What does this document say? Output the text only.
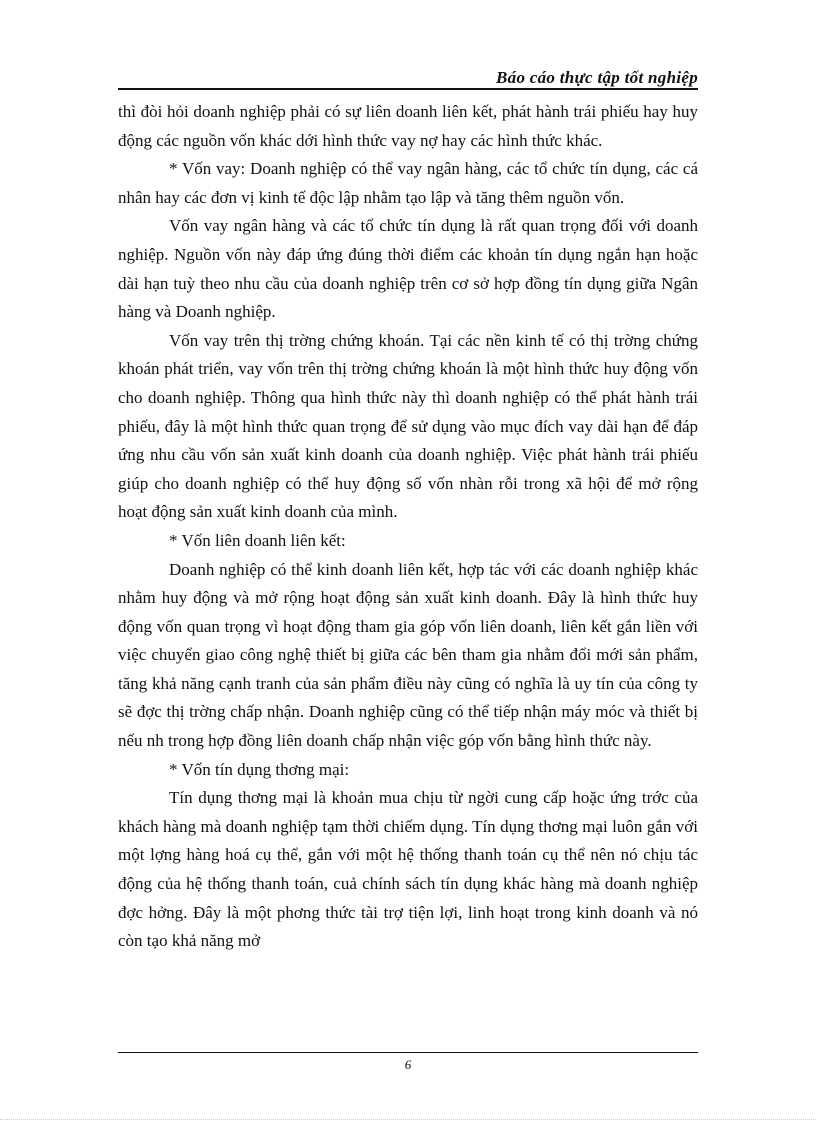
Báo cáo thực tập tốt nghiệp

thì đòi hỏi doanh nghiệp phải có sự liên doanh liên kết, phát hành trái phiếu hay huy động các nguồn vốn khác dới hình thức vay nợ hay các hình thức khác.

* Vốn vay: Doanh nghiệp có thể vay ngân hàng, các tổ chức tín dụng, các cá nhân hay các đơn vị kinh tế độc lập nhằm tạo lập và tăng thêm nguồn vốn.

Vốn vay ngân hàng và các tổ chức tín dụng là rất quan trọng đối với doanh nghiệp. Nguồn vốn này đáp ứng đúng thời điểm các khoản tín dụng ngắn hạn hoặc dài hạn tuỳ theo nhu cầu của doanh nghiệp trên cơ sở hợp đồng tín dụng giữa Ngân hàng và Doanh nghiệp.

Vốn vay trên thị trờng chứng khoán. Tại các nền kinh tế có thị trờng chứng khoán phát triển, vay vốn trên thị trờng chứng khoán là một hình thức huy động vốn cho doanh nghiệp. Thông qua hình thức này thì doanh nghiệp có thể phát hành trái phiếu, đây là một hình thức quan trọng để sử dụng vào mục đích vay dài hạn để đáp ứng nhu cầu vốn sản xuất kinh doanh của doanh nghiệp. Việc phát hành trái phiếu giúp cho doanh nghiệp có thể huy động số vốn nhàn rỗi trong xã hội để mở rộng hoạt động sản xuất kinh doanh của mình.

* Vốn liên doanh liên kết:

Doanh nghiệp có thể kinh doanh liên kết, hợp tác với các doanh nghiệp khác nhằm huy động và mở rộng hoạt động sản xuất kinh doanh. Đây là hình thức huy động vốn quan trọng vì hoạt động tham gia góp vốn liên doanh, liên kết gắn liền với việc chuyển giao công nghệ thiết bị giữa các bên tham gia nhằm đổi mới sản phẩm, tăng khả năng cạnh tranh của sản phẩm điều này cũng có nghĩa là uy tín của công ty sẽ đợc thị trờng chấp nhận. Doanh nghiệp cũng có thể tiếp nhận máy móc và thiết bị nếu nh trong hợp đồng liên doanh chấp nhận việc góp vốn bằng hình thức này.

* Vốn tín dụng thơng mại:

Tín dụng thơng mại là khoản mua chịu từ ngời cung cấp hoặc ứng trớc của khách hàng mà doanh nghiệp tạm thời chiếm dụng. Tín dụng thơng mại luôn gắn với một lợng hàng hoá cụ thể, gắn với một hệ thống thanh toán cụ thể nên nó chịu tác động của hệ thống thanh toán, cuả chính sách tín dụng khác hàng mà doanh nghiệp đợc hởng. Đây là một phơng thức tài trợ tiện lợi, linh hoạt trong kinh doanh và nó còn tạo khả năng mở

6
